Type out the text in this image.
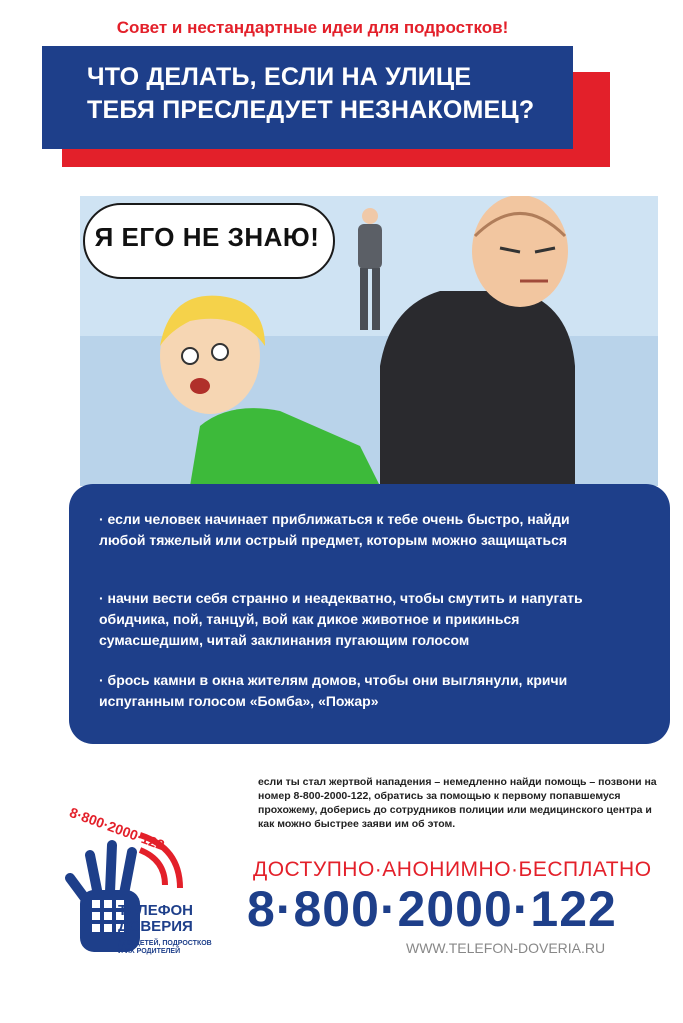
Совет и нестандартные идеи для подростков!
ЧТО ДЕЛАТЬ, ЕСЛИ НА УЛИЦЕ
ТЕБЯ ПРЕСЛЕДУЕТ НЕЗНАКОМЕЦ?
Я ЕГО НЕ ЗНАЮ!
· если человек начинает приближаться к тебе очень быстро, найди любой тяжелый или острый предмет, которым можно защищаться
· начни вести себя странно и неадекватно, чтобы смутить и напугать обидчика, пой, танцуй, вой как дикое животное и прикинься сумасшедшим, читай заклинания пугающим голосом
· брось камни в окна жителям домов, чтобы они выглянули, кричи испуганным голосом «Бомба», «Пожар»
если ты стал жертвой нападения – немедленно найди помощь – позвони на номер 8-800-2000-122, обратись за помощью к первому попавшемуся прохожему, доберись до сотрудников полиции или медицинского центра и как можно быстрее заяви им об этом.
ДОСТУПНО·АНОНИМНО·БЕСПЛАТНО
8·800·2000·122
WWW.TELEFON-DOVERIA.RU
8·800·2000·122
ТЕЛЕФОН
ДОВЕРИЯ
ДЛЯ ДЕТЕЙ, ПОДРОСТКОВ И ИХ РОДИТЕЛЕЙ
